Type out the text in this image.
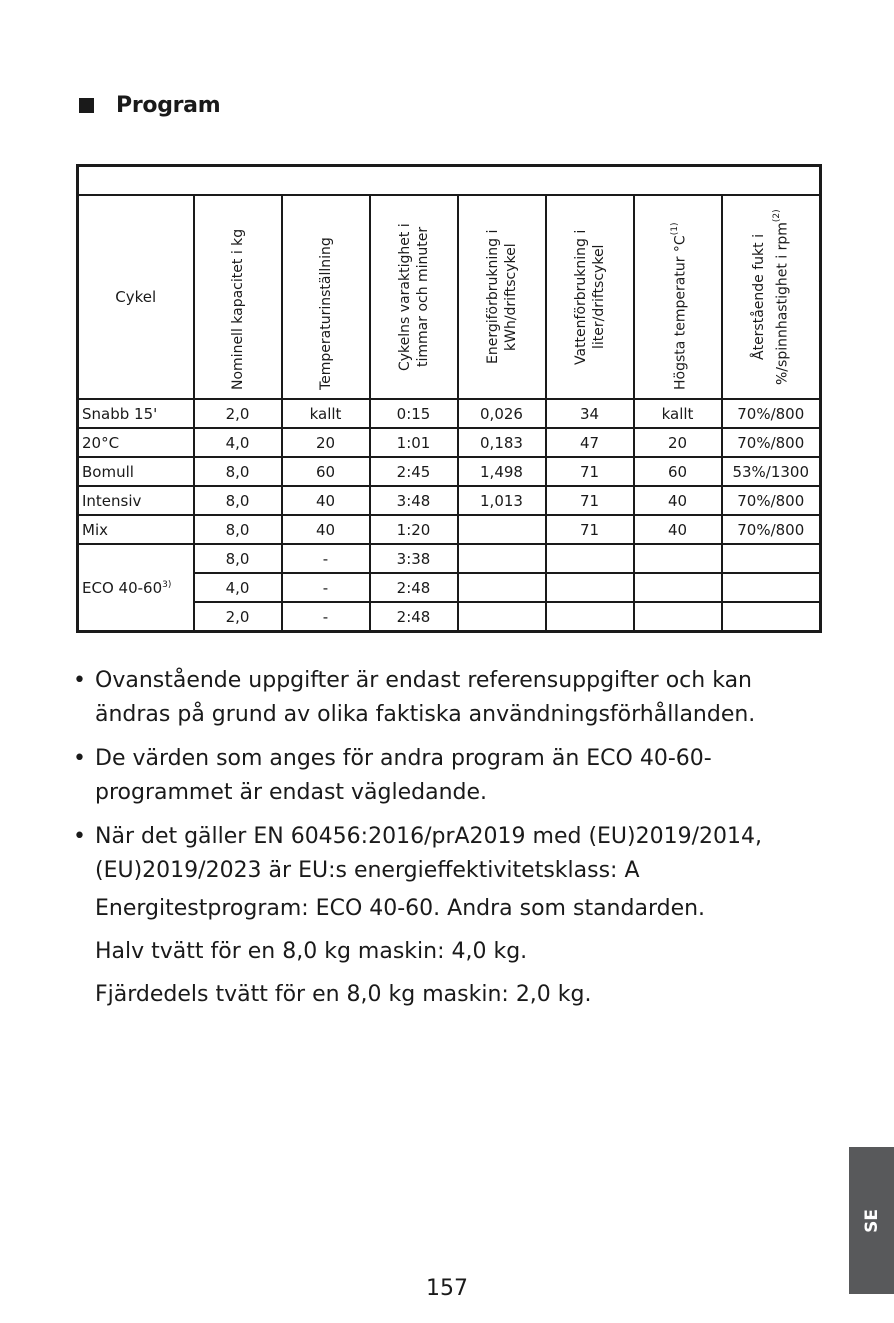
Program

Cykel	Nominell kapacitet i kg	Temperaturinställning	Cykelns varaktighet i timmar och minuter	Energiförbrukning i kWh/driftscykel	Vattenförbrukning i liter/driftscykel	Högsta temperatur $^\circ C^{(1)}$	Återstående fukt i %/spinnhastighet i rpm$^{(2)}$

Snabb 15'	2,0	kallt	0:15	0,026	34	kallt	70%/800
20°C	4,0	20	1:01	0,183	47	20	70%/800
Bomull	8,0	60	2:45	1,498	71	60	53%/1300
Intensiv	8,0	40	3:48	1,013	71	40	70%/800
Mix	8,0	40	1:20		71	40	70%/800
ECO 40-60$^{3)}$	8,0	-	3:38				
	4,0	-	2:48				
	2,0	-	2:48				
• Ovanstående uppgifter är endast referensuppgifter och kan ändras på grund av olika faktiska användningsförhållanden.
• De värden som anges för andra program än ECO 40-60-programmet är endast vägledande.
• När det gäller EN 60456:2016/prA2019 med (EU)2019/2014, (EU)2019/2023 är EU:s energieffektivitetsklass: A
Energitestprogram: ECO 40-60. Andra som standarden.
Halv tvätt för en 8,0 kg maskin: 4,0 kg.
Fjärdedels tvätt för en 8,0 kg maskin: 2,0 kg.
SE
157
